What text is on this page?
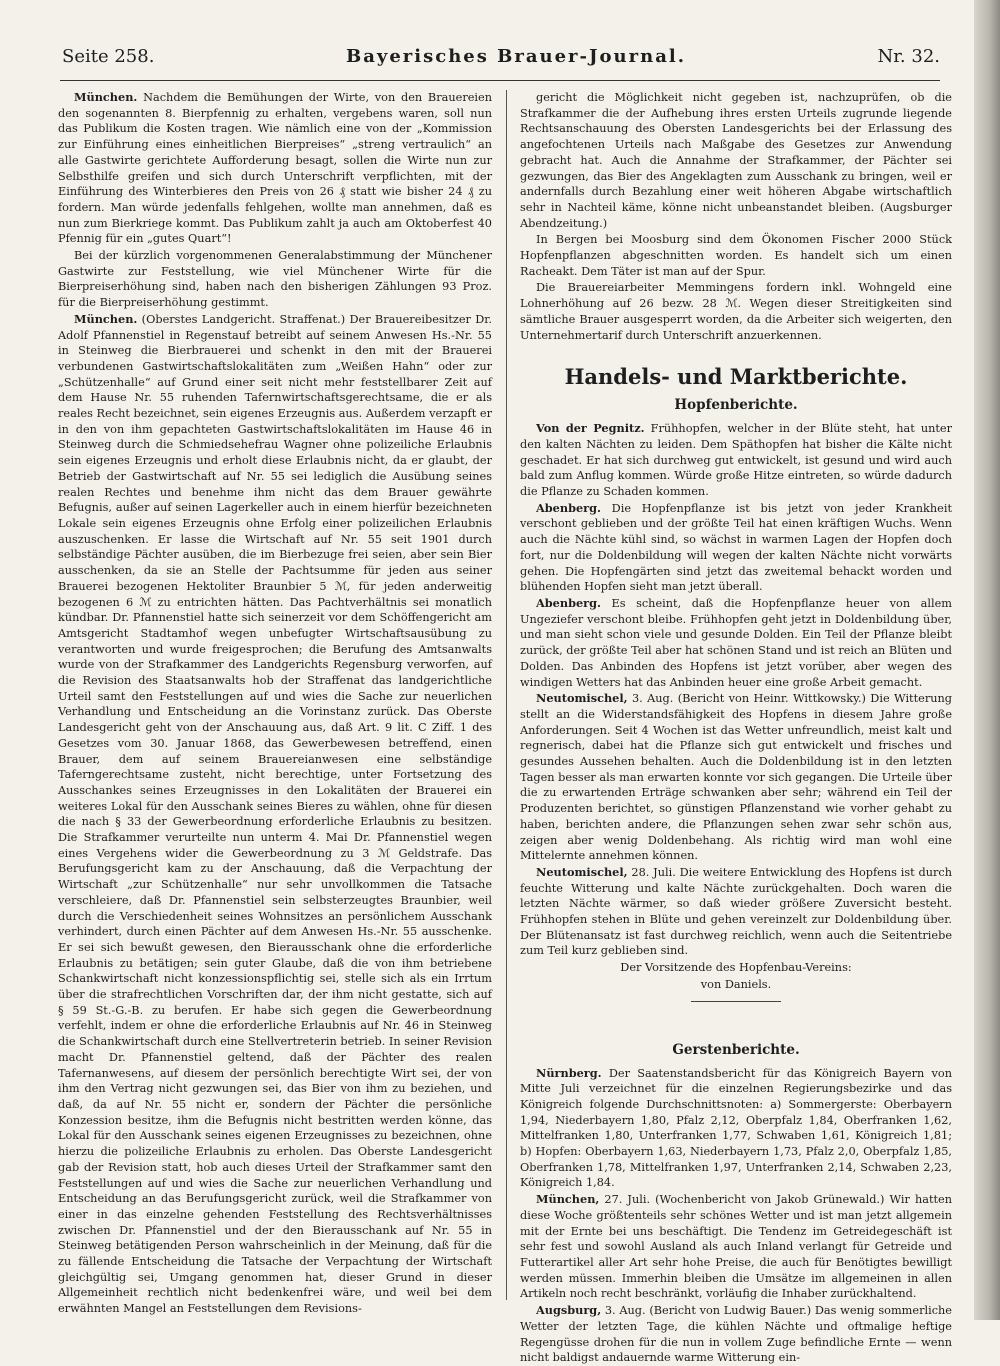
Seite 258.	Bayerisches Brauer-Journal.	Nr. 32.

München. Nachdem die Bemühungen der Wirte, von den Brauereien den sogenannten 8. Bierpfennig zu erhalten, vergebens waren, soll nun das Publikum die Kosten tragen. Wie nämlich eine von der „Kommission zur Einführung eines einheitlichen Bierpreises“ „streng vertraulich“ an alle Gastwirte gerichtete Aufforderung besagt, sollen die Wirte nun zur Selbsthilfe greifen und sich durch Unterschrift verpflichten, mit der Einführung des Winterbieres den Preis von 26 ₰ statt wie bisher 24 ₰ zu fordern. Man würde jedenfalls fehlgehen, wollte man annehmen, daß es nun zum Bierkriege kommt. Das Publikum zahlt ja auch am Oktoberfest 40 Pfennig für ein „gutes Quart“!

Bei der kürzlich vorgenommenen Generalabstimmung der Münchener Gastwirte zur Feststellung, wie viel Münchener Wirte für die Bierpreiserhöhung sind, haben nach den bisherigen Zählungen 93 Proz. für die Bierpreiserhöhung gestimmt.

München. (Oberstes Landgericht. Straffenat.) Der Brauereibesitzer Dr. Adolf Pfannenstiel in Regenstauf betreibt auf seinem Anwesen Hs.-Nr. 55 in Steinweg die Bierbrauerei und schenkt in den mit der Brauerei verbundenen Gastwirtschaftslokalitäten zum „Weißen Hahn“ oder zur „Schützenhalle“ auf Grund einer seit nicht mehr feststellbarer Zeit auf dem Hause Nr. 55 ruhenden Tafernwirtschaftsgerechtsame, die er als reales Recht bezeichnet, sein eigenes Erzeugnis aus. Außerdem verzapft er in den von ihm gepachteten Gastwirtschaftslokalitäten im Hause 46 in Steinweg durch die Schmiedsehefrau Wagner ohne polizeiliche Erlaubnis sein eigenes Erzeugnis und erholt diese Erlaubnis nicht, da er glaubt, der Betrieb der Gastwirtschaft auf Nr. 55 sei lediglich die Ausübung seines realen Rechtes und benehme ihm nicht das dem Brauer gewährte Befugnis, außer auf seinen Lagerkeller auch in einem hierfür bezeichneten Lokale sein eigenes Erzeugnis ohne Erfolg einer polizeilichen Erlaubnis auszuschenken. Er lasse die Wirtschaft auf Nr. 55 seit 1901 durch selbständige Pächter ausüben, die im Bierbezuge frei seien, aber sein Bier ausschenken, da sie an Stelle der Pachtsumme für jeden aus seiner Brauerei bezogenen Hektoliter Braunbier 5 ℳ, für jeden anderweitig bezogenen 6 ℳ zu entrichten hätten. Das Pachtverhältnis sei monatlich kündbar. Dr. Pfannenstiel hatte sich seinerzeit vor dem Schöffengericht am Amtsgericht Stadtamhof wegen unbefugter Wirtschaftsausübung zu verantworten und wurde freigesprochen; die Berufung des Amtsanwalts wurde von der Strafkammer des Landgerichts Regensburg verworfen, auf die Revision des Staatsanwalts hob der Straffenat das landgerichtliche Urteil samt den Feststellungen auf und wies die Sache zur neuerlichen Verhandlung und Entscheidung an die Vorinstanz zurück. Das Oberste Landesgericht geht von der Anschauung aus, daß Art. 9 lit. C Ziff. 1 des Gesetzes vom 30. Januar 1868, das Gewerbewesen betreffend, einen Brauer, dem auf seinem Brauereianwesen eine selbständige Taferngerechtsame zusteht, nicht berechtige, unter Fortsetzung des Ausschankes seines Erzeugnisses in den Lokalitäten der Brauerei ein weiteres Lokal für den Ausschank seines Bieres zu wählen, ohne für diesen die nach § 33 der Gewerbeordnung erforderliche Erlaubnis zu besitzen. Die Strafkammer verurteilte nun unterm 4. Mai Dr. Pfannenstiel wegen eines Vergehens wider die Gewerbeordnung zu 3 ℳ Geldstrafe. Das Berufungsgericht kam zu der Anschauung, daß die Verpachtung der Wirtschaft „zur Schützenhalle“ nur sehr unvollkommen die Tatsache verschleiere, daß Dr. Pfannenstiel sein selbsterzeugtes Braunbier, weil durch die Verschiedenheit seines Wohnsitzes an persönlichem Ausschank verhindert, durch einen Pächter auf dem Anwesen Hs.-Nr. 55 ausschenke. Er sei sich bewußt gewesen, den Bierausschank ohne die erforderliche Erlaubnis zu betätigen; sein guter Glaube, daß die von ihm betriebene Schankwirtschaft nicht konzessionspflichtig sei, stelle sich als ein Irrtum über die strafrechtlichen Vorschriften dar, der ihm nicht gestatte, sich auf § 59 St.-G.-B. zu berufen. Er habe sich gegen die Gewerbeordnung verfehlt, indem er ohne die erforderliche Erlaubnis auf Nr. 46 in Steinweg die Schankwirtschaft durch eine Stellvertreterin betrieb. In seiner Revision macht Dr. Pfannenstiel geltend, daß der Pächter des realen Tafernanwesens, auf diesem der persönlich berechtigte Wirt sei, der von ihm den Vertrag nicht gezwungen sei, das Bier von ihm zu beziehen, und daß, da auf Nr. 55 nicht er, sondern der Pächter die persönliche Konzession besitze, ihm die Befugnis nicht bestritten werden könne, das Lokal für den Ausschank seines eigenen Erzeugnisses zu bezeichnen, ohne hierzu die polizeiliche Erlaubnis zu erholen. Das Oberste Landesgericht gab der Revision statt, hob auch dieses Urteil der Strafkammer samt den Feststellungen auf und wies die Sache zur neuerlichen Verhandlung und Entscheidung an das Berufungsgericht zurück, weil die Strafkammer von einer in das einzelne gehenden Feststellung des Rechtsverhältnisses zwischen Dr. Pfannenstiel und der den Bierausschank auf Nr. 55 in Steinweg betätigenden Person wahrscheinlich in der Meinung, daß für die zu fällende Entscheidung die Tatsache der Verpachtung der Wirtschaft gleichgültig sei, Umgang genommen hat, dieser Grund in dieser Allgemeinheit rechtlich nicht bedenkenfrei wäre, und weil bei dem erwähnten Mangel an Feststellungen dem Revisions-

gericht die Möglichkeit nicht gegeben ist, nachzuprüfen, ob die Strafkammer die der Aufhebung ihres ersten Urteils zugrunde liegende Rechtsanschauung des Obersten Landesgerichts bei der Erlassung des angefochtenen Urteils nach Maßgabe des Gesetzes zur Anwendung gebracht hat. Auch die Annahme der Strafkammer, der Pächter sei gezwungen, das Bier des Angeklagten zum Ausschank zu bringen, weil er andernfalls durch Bezahlung einer weit höheren Abgabe wirtschaftlich sehr in Nachteil käme, könne nicht unbeanstandet bleiben. (Augsburger Abendzeitung.)

In Bergen bei Moosburg sind dem Ökonomen Fischer 2000 Stück Hopfenpflanzen abgeschnitten worden. Es handelt sich um einen Racheakt. Dem Täter ist man auf der Spur.

Die Brauereiarbeiter Memmingens fordern inkl. Wohngeld eine Lohnerhöhung auf 26 bezw. 28 ℳ. Wegen dieser Streitigkeiten sind sämtliche Brauer ausgesperrt worden, da die Arbeiter sich weigerten, den Unternehmertarif durch Unterschrift anzuerkennen.

Handels- und Marktberichte.
Hopfenberichte.

Von der Pegnitz. Frühhopfen, welcher in der Blüte steht, hat unter den kalten Nächten zu leiden. Dem Späthopfen hat bisher die Kälte nicht geschadet. Er hat sich durchweg gut entwickelt, ist gesund und wird auch bald zum Anflug kommen. Würde große Hitze eintreten, so würde dadurch die Pflanze zu Schaden kommen.

Abenberg. Die Hopfenpflanze ist bis jetzt von jeder Krankheit verschont geblieben und der größte Teil hat einen kräftigen Wuchs. Wenn auch die Nächte kühl sind, so wächst in warmen Lagen der Hopfen doch fort, nur die Doldenbildung will wegen der kalten Nächte nicht vorwärts gehen. Die Hopfengärten sind jetzt das zweitemal behackt worden und blühenden Hopfen sieht man jetzt überall.

Abenberg. Es scheint, daß die Hopfenpflanze heuer von allem Ungeziefer verschont bleibe. Frühhopfen geht jetzt in Doldenbildung über, und man sieht schon viele und gesunde Dolden. Ein Teil der Pflanze bleibt zurück, der größte Teil aber hat schönen Stand und ist reich an Blüten und Dolden. Das Anbinden des Hopfens ist jetzt vorüber, aber wegen des windigen Wetters hat das Anbinden heuer eine große Arbeit gemacht.

Neutomischel, 3. Aug. (Bericht von Heinr. Wittkowsky.) Die Witterung stellt an die Widerstandsfähigkeit des Hopfens in diesem Jahre große Anforderungen. Seit 4 Wochen ist das Wetter unfreundlich, meist kalt und regnerisch, dabei hat die Pflanze sich gut entwickelt und frisches und gesundes Aussehen behalten. Auch die Doldenbildung ist in den letzten Tagen besser als man erwarten konnte vor sich gegangen. Die Urteile über die zu erwartenden Erträge schwanken aber sehr; während ein Teil der Produzenten berichtet, so günstigen Pflanzenstand wie vorher gehabt zu haben, berichten andere, die Pflanzungen sehen zwar sehr schön aus, zeigen aber wenig Doldenbehang. Als richtig wird man wohl eine Mittelernte annehmen können.

Neutomischel, 28. Juli. Die weitere Entwicklung des Hopfens ist durch feuchte Witterung und kalte Nächte zurückgehalten. Doch waren die letzten Nächte wärmer, so daß wieder größere Zuversicht besteht. Frühhopfen stehen in Blüte und gehen vereinzelt zur Doldenbildung über. Der Blütenansatz ist fast durchweg reichlich, wenn auch die Seitentriebe zum Teil kurz geblieben sind.

Der Vorsitzende des Hopfenbau-Vereins:

von Daniels.

Gerstenberichte.

Nürnberg. Der Saatenstandsbericht für das Königreich Bayern von Mitte Juli verzeichnet für die einzelnen Regierungsbezirke und das Königreich folgende Durchschnittsnoten: a) Sommergerste: Oberbayern 1,94, Niederbayern 1,80, Pfalz 2,12, Oberpfalz 1,84, Oberfranken 1,62, Mittelfranken 1,80, Unterfranken 1,77, Schwaben 1,61, Königreich 1,81; b) Hopfen: Oberbayern 1,63, Niederbayern 1,73, Pfalz 2,0, Oberpfalz 1,85, Oberfranken 1,78, Mittelfranken 1,97, Unterfranken 2,14, Schwaben 2,23, Königreich 1,84.

München, 27. Juli. (Wochenbericht von Jakob Grünewald.) Wir hatten diese Woche größtenteils sehr schönes Wetter und ist man jetzt allgemein mit der Ernte bei uns beschäftigt. Die Tendenz im Getreidegeschäft ist sehr fest und sowohl Ausland als auch Inland verlangt für Getreide und Futterartikel aller Art sehr hohe Preise, die auch für Benötigtes bewilligt werden müssen. Immerhin bleiben die Umsätze im allgemeinen in allen Artikeln noch recht beschränkt, vorläufig die Inhaber zurückhaltend.

Augsburg, 3. Aug. (Bericht von Ludwig Bauer.) Das wenig sommerliche Wetter der letzten Tage, die kühlen Nächte und oftmalige heftige Regengüsse drohen für die nun in vollem Zuge befindliche Ernte — wenn nicht baldigst andauernde warme Witterung ein-
